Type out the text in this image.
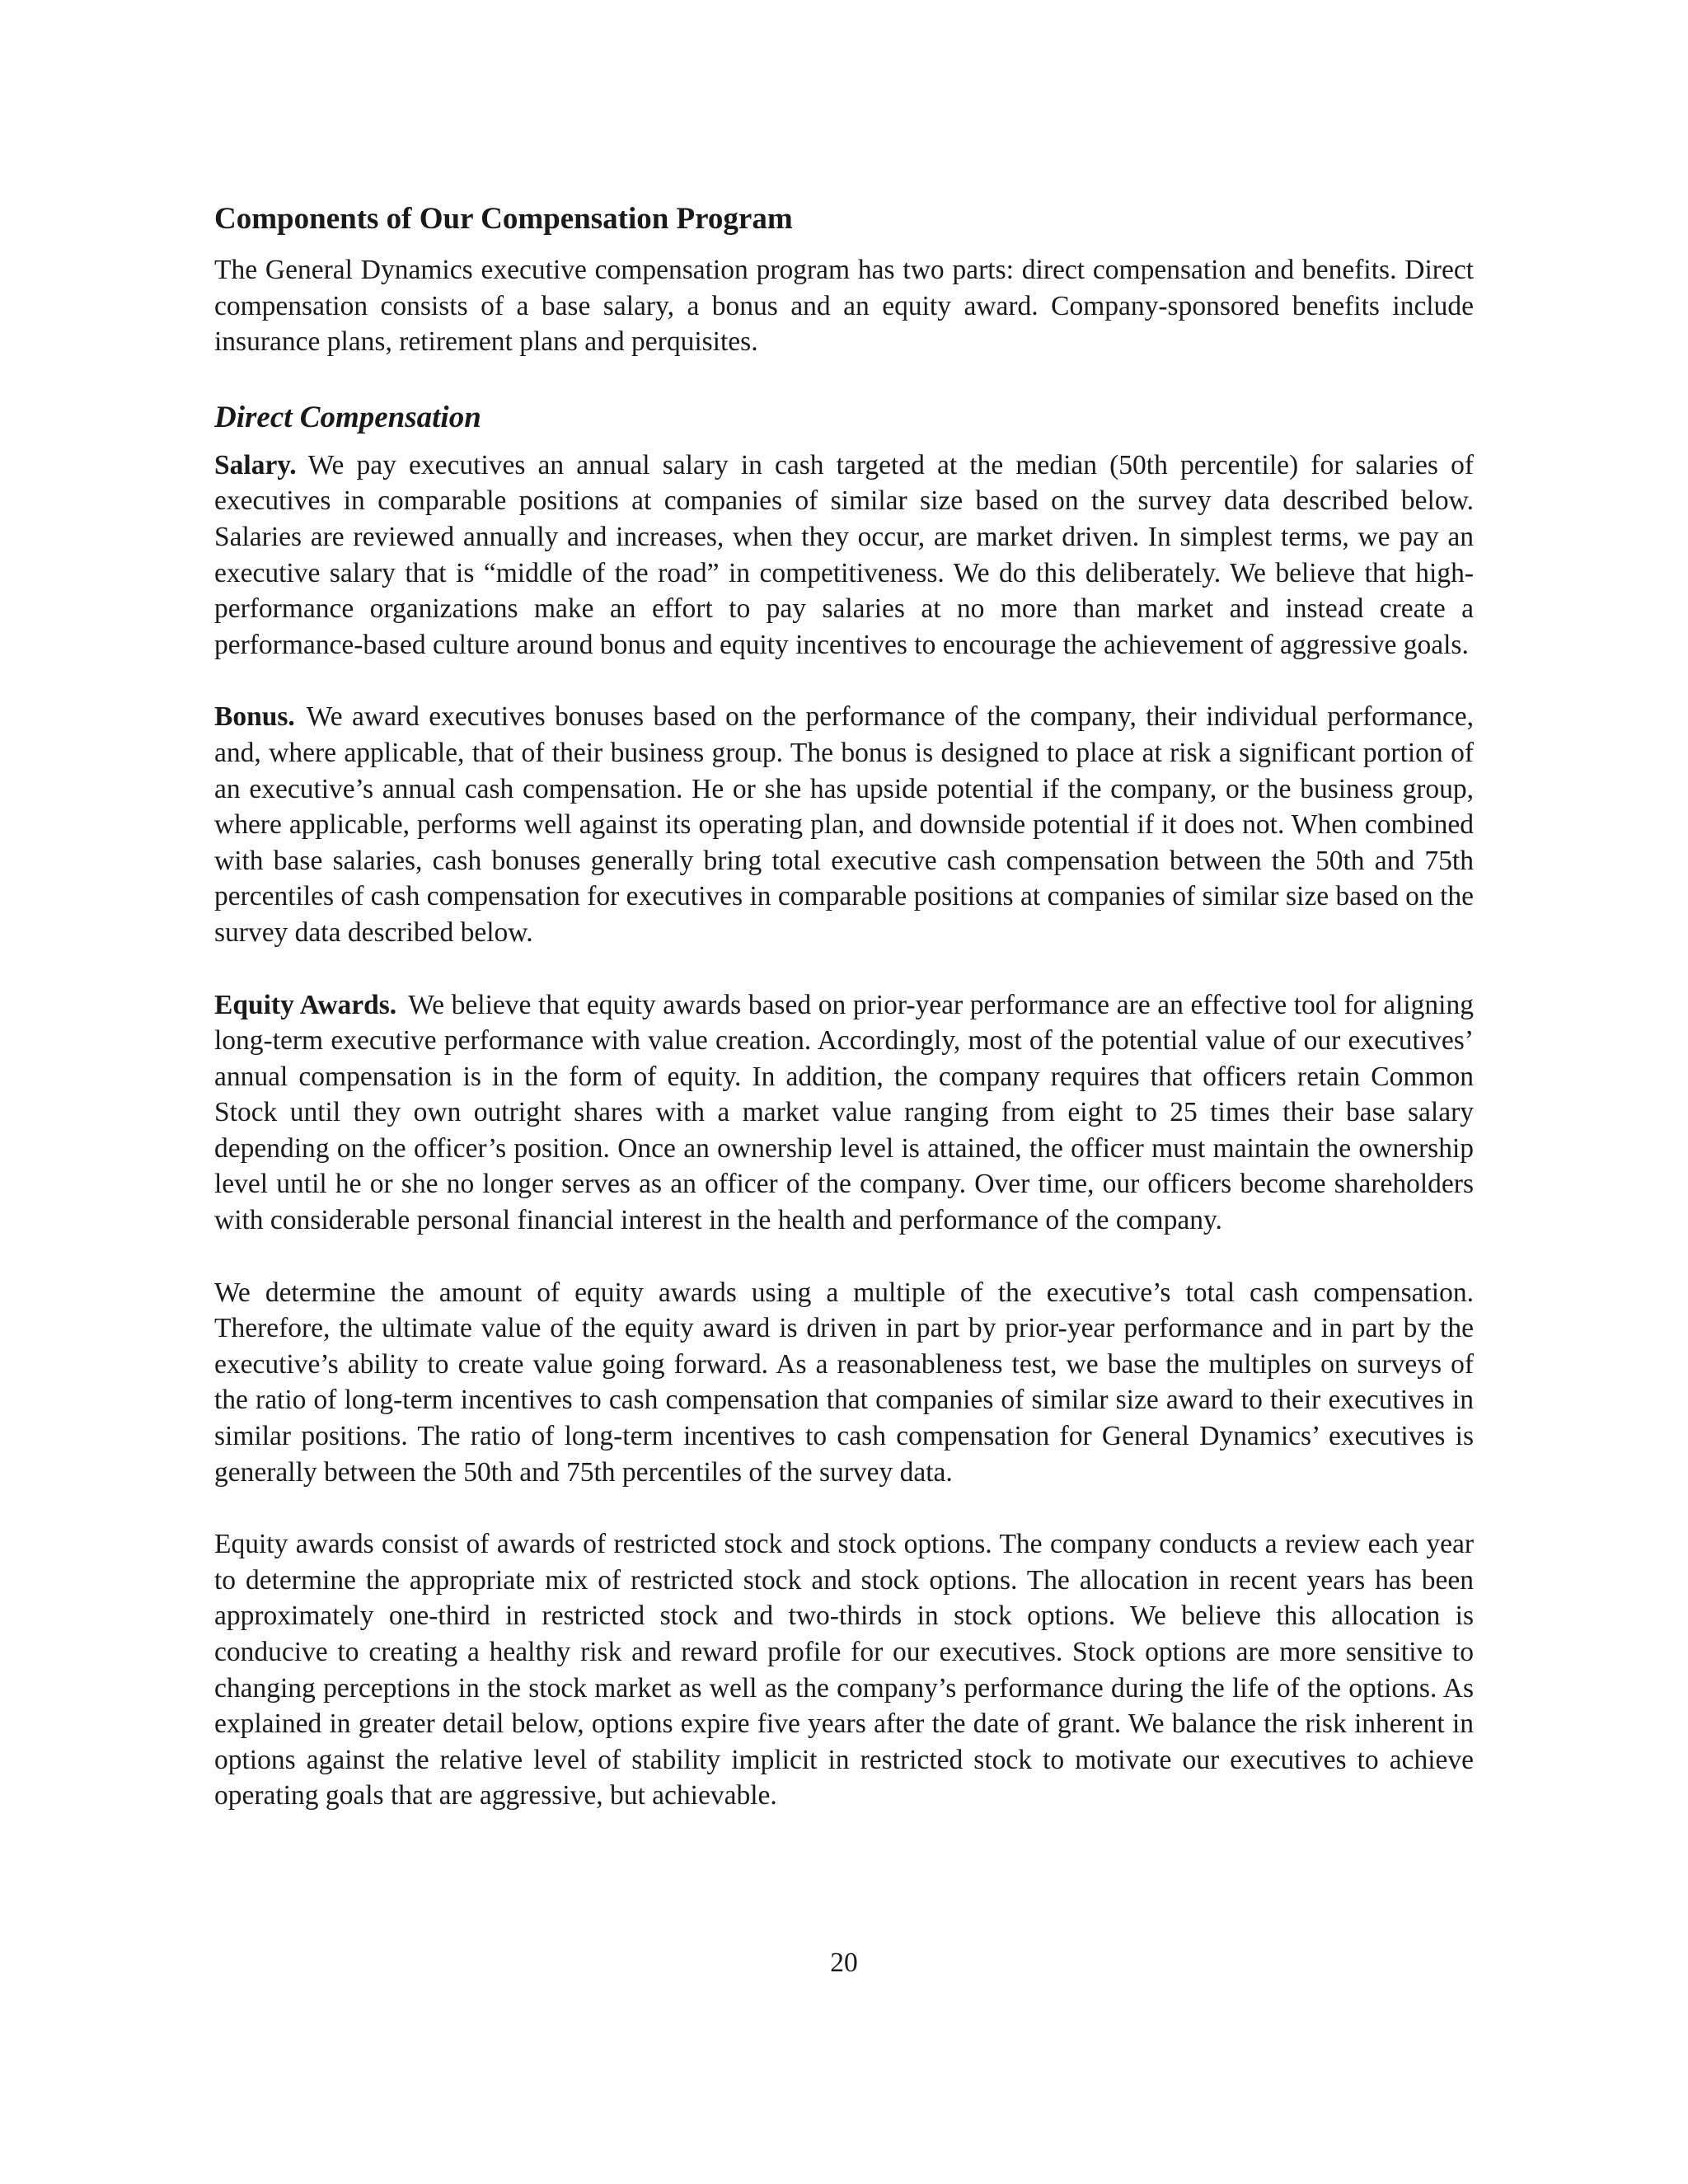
Components of Our Compensation Program

The General Dynamics executive compensation program has two parts: direct compensation and benefits. Direct compensation consists of a base salary, a bonus and an equity award. Company-sponsored benefits include insurance plans, retirement plans and perquisites.

Direct Compensation

Salary. We pay executives an annual salary in cash targeted at the median (50th percentile) for salaries of executives in comparable positions at companies of similar size based on the survey data described below. Salaries are reviewed annually and increases, when they occur, are market driven. In simplest terms, we pay an executive salary that is “middle of the road” in competitiveness. We do this deliberately. We believe that high-performance organizations make an effort to pay salaries at no more than market and instead create a performance-based culture around bonus and equity incentives to encourage the achievement of aggressive goals.

Bonus. We award executives bonuses based on the performance of the company, their individual performance, and, where applicable, that of their business group. The bonus is designed to place at risk a significant portion of an executive’s annual cash compensation. He or she has upside potential if the company, or the business group, where applicable, performs well against its operating plan, and downside potential if it does not. When combined with base salaries, cash bonuses generally bring total executive cash compensation between the 50th and 75th percentiles of cash compensation for executives in comparable positions at companies of similar size based on the survey data described below.

Equity Awards. We believe that equity awards based on prior-year performance are an effective tool for aligning long-term executive performance with value creation. Accordingly, most of the potential value of our executives’ annual compensation is in the form of equity. In addition, the company requires that officers retain Common Stock until they own outright shares with a market value ranging from eight to 25 times their base salary depending on the officer’s position. Once an ownership level is attained, the officer must maintain the ownership level until he or she no longer serves as an officer of the company. Over time, our officers become shareholders with considerable personal financial interest in the health and performance of the company.

We determine the amount of equity awards using a multiple of the executive’s total cash compensation. Therefore, the ultimate value of the equity award is driven in part by prior-year performance and in part by the executive’s ability to create value going forward. As a reasonableness test, we base the multiples on surveys of the ratio of long-term incentives to cash compensation that companies of similar size award to their executives in similar positions. The ratio of long-term incentives to cash compensation for General Dynamics’ executives is generally between the 50th and 75th percentiles of the survey data.

Equity awards consist of awards of restricted stock and stock options. The company conducts a review each year to determine the appropriate mix of restricted stock and stock options. The allocation in recent years has been approximately one-third in restricted stock and two-thirds in stock options. We believe this allocation is conducive to creating a healthy risk and reward profile for our executives. Stock options are more sensitive to changing perceptions in the stock market as well as the company’s performance during the life of the options. As explained in greater detail below, options expire five years after the date of grant. We balance the risk inherent in options against the relative level of stability implicit in restricted stock to motivate our executives to achieve operating goals that are aggressive, but achievable.

20
